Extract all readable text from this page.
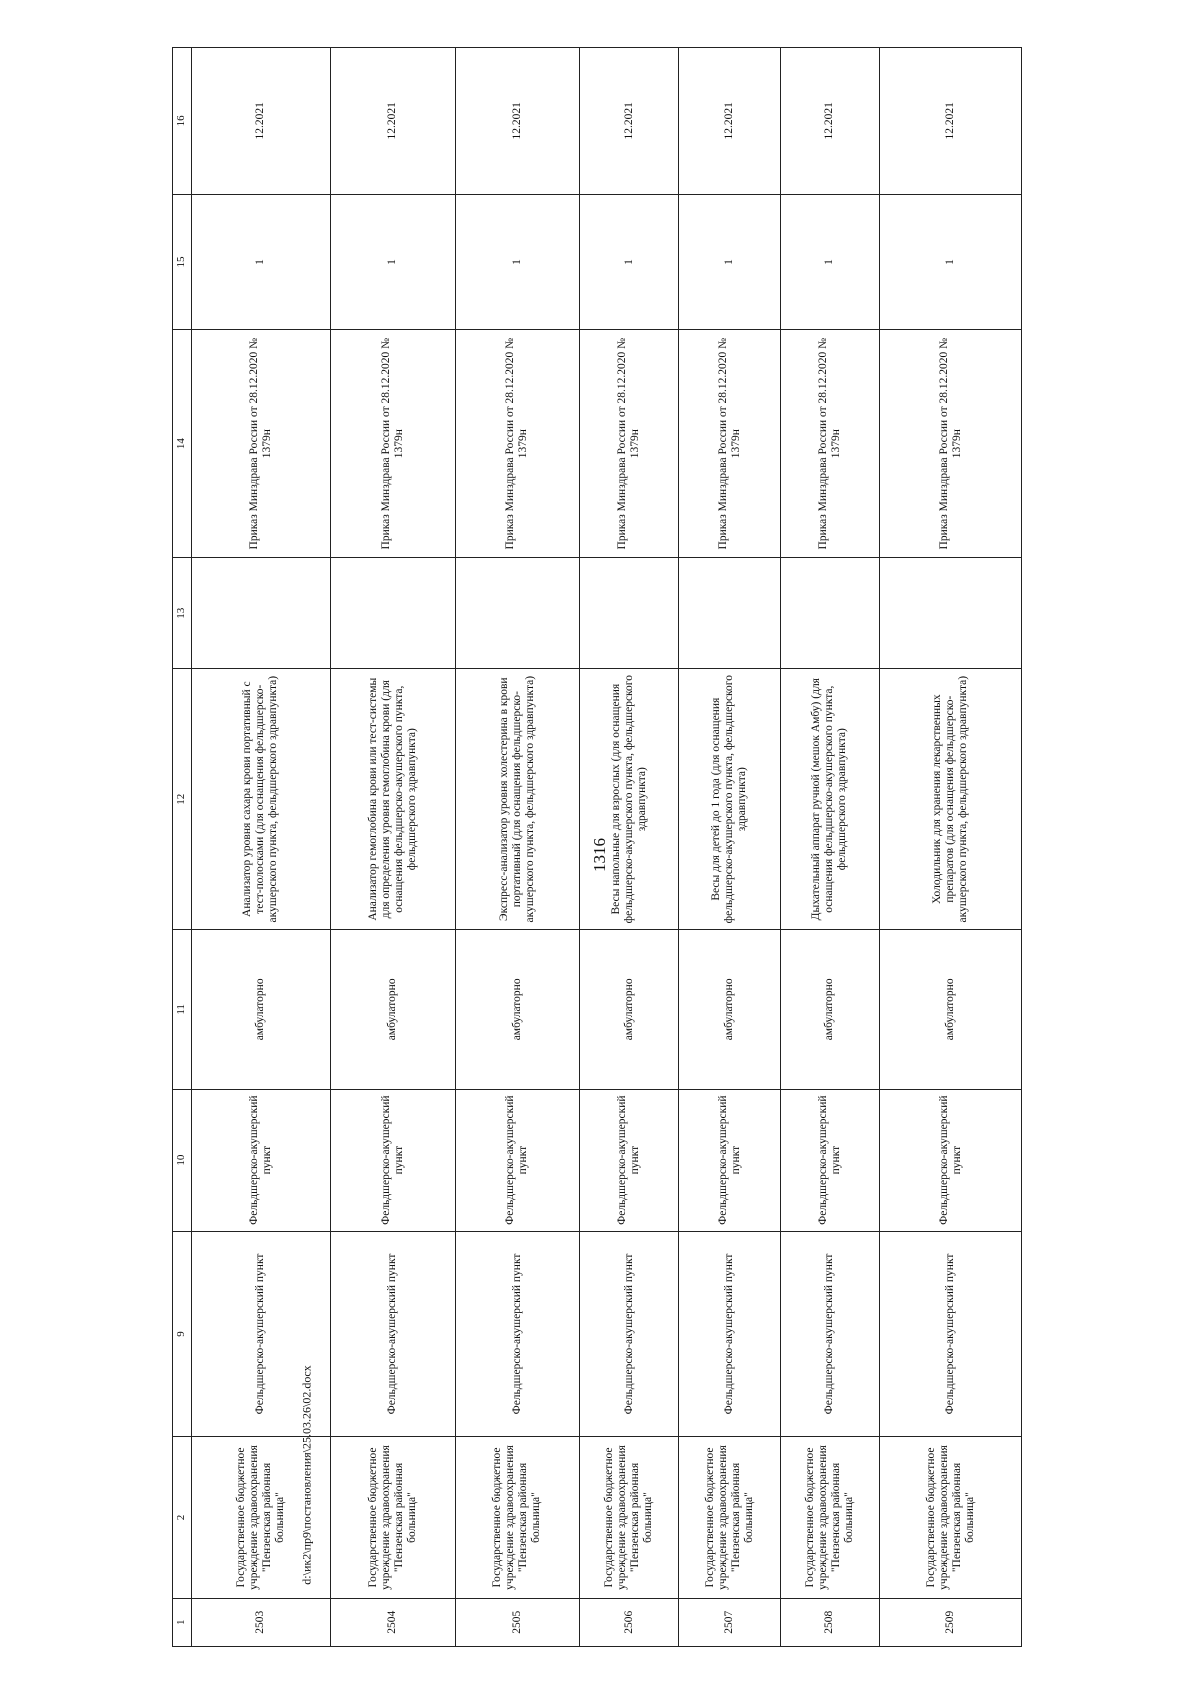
1316
1	2	9	10	11	12	13	14	15	16
2503	Государственное бюджетное учреждение здравоохранения "Пензенская районная больница"	Фельдшерско-акушерский пункт	Фельдшерско-акушерский пункт	амбулаторно	Анализатор уровня сахара крови портативный с тест-полосками (для оснащения фельдшерско-акушерского пункта, фельдшерского здравпункта)		Приказ Минздрава России от 28.12.2020 № 1379н	1	12.2021
2504	Государственное бюджетное учреждение здравоохранения "Пензенская районная больница"	Фельдшерско-акушерский пункт	Фельдшерско-акушерский пункт	амбулаторно	Анализатор гемоглобина крови или тест-системы для определения уровня гемоглобина крови (для оснащения фельдшерско-акушерского пункта, фельдшерского здравпункта)		Приказ Минздрава России от 28.12.2020 № 1379н	1	12.2021
2505	Государственное бюджетное учреждение здравоохранения "Пензенская районная больница"	Фельдшерско-акушерский пункт	Фельдшерско-акушерский пункт	амбулаторно	Экспресс-анализатор уровня холестерина в крови портативный (для оснащения фельдшерско-акушерского пункта, фельдшерского здравпункта)		Приказ Минздрава России от 28.12.2020 № 1379н	1	12.2021
2506	Государственное бюджетное учреждение здравоохранения "Пензенская районная больница"	Фельдшерско-акушерский пункт	Фельдшерско-акушерский пункт	амбулаторно	Весы напольные для взрослых (для оснащения фельдшерско-акушерского пункта, фельдшерского здравпункта)		Приказ Минздрава России от 28.12.2020 № 1379н	1	12.2021
2507	Государственное бюджетное учреждение здравоохранения "Пензенская районная больница"	Фельдшерско-акушерский пункт	Фельдшерско-акушерский пункт	амбулаторно	Весы для детей до 1 года (для оснащения фельдшерско-акушерского пункта, фельдшерского здравпункта)		Приказ Минздрава России от 28.12.2020 № 1379н	1	12.2021
2508	Государственное бюджетное учреждение здравоохранения "Пензенская районная больница"	Фельдшерско-акушерский пункт	Фельдшерско-акушерский пункт	амбулаторно	Дыхательный аппарат ручной (мешок Амбу) (для оснащения фельдшерско-акушерского пункта, фельдшерского здравпункта)		Приказ Минздрава России от 28.12.2020 № 1379н	1	12.2021
2509	Государственное бюджетное учреждение здравоохранения "Пензенская районная больница"	Фельдшерско-акушерский пункт	Фельдшерско-акушерский пункт	амбулаторно	Холодильник для хранения лекарственных препаратов (для оснащения фельдшерско-акушерского пункта, фельдшерского здравпункта)		Приказ Минздрава России от 28.12.2020 № 1379н	1	12.2021
d:\ик2\пр9\постановления\25.03.26\02.docx
